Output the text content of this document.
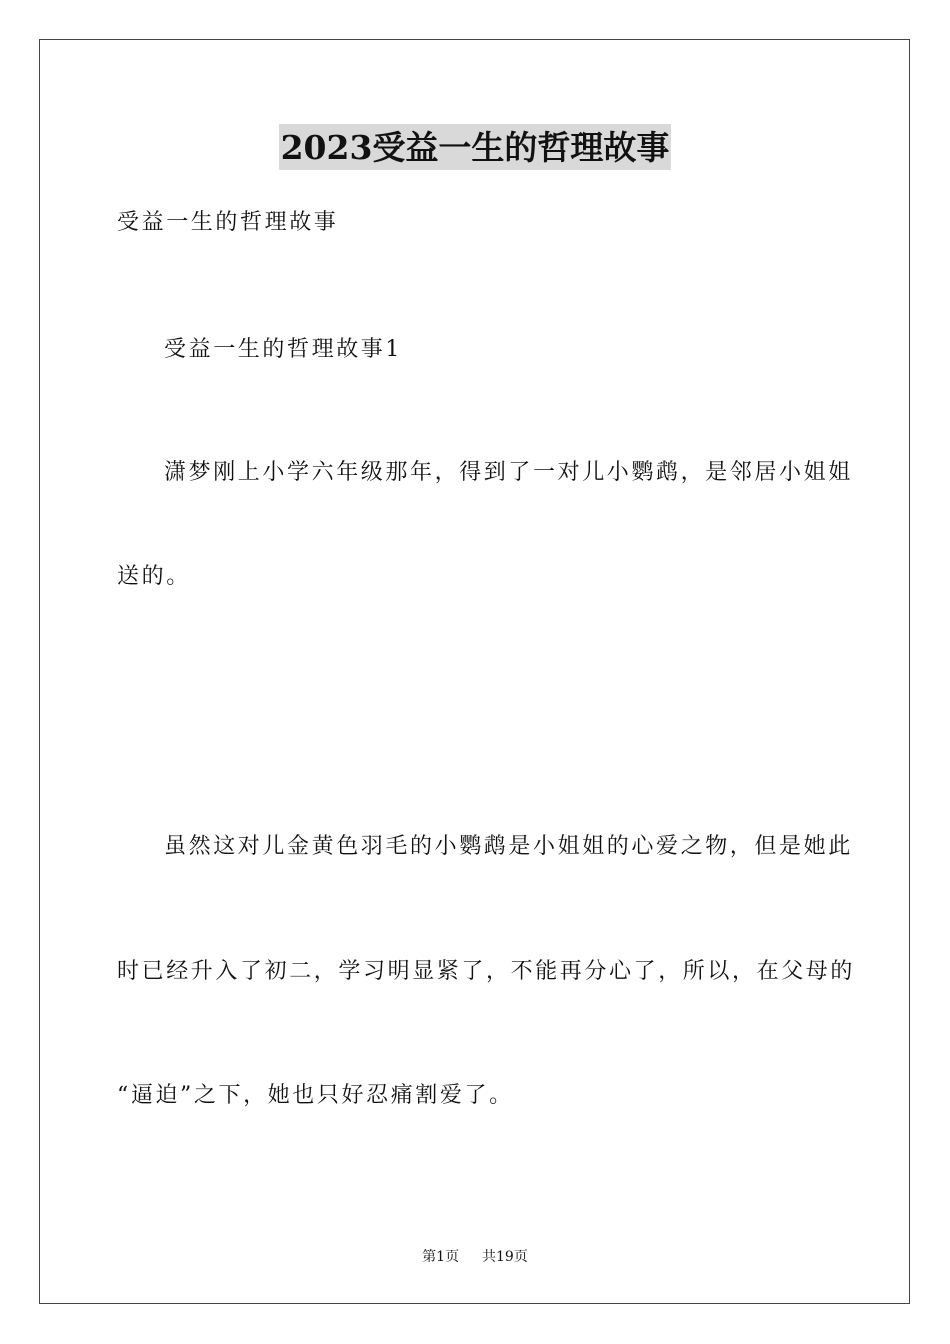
2023受益一生的哲理故事
受益一生的哲理故事
受益一生的哲理故事1
潇梦刚上小学六年级那年，得到了一对儿小鹦鹉，是邻居小姐姐
送的。
虽然这对儿金黄色羽毛的小鹦鹉是小姐姐的心爱之物，但是她此
时已经升入了初二，学习明显紧了，不能再分心了，所以，在父母的
“逼迫”之下，她也只好忍痛割爱了。
第1页 共19页
